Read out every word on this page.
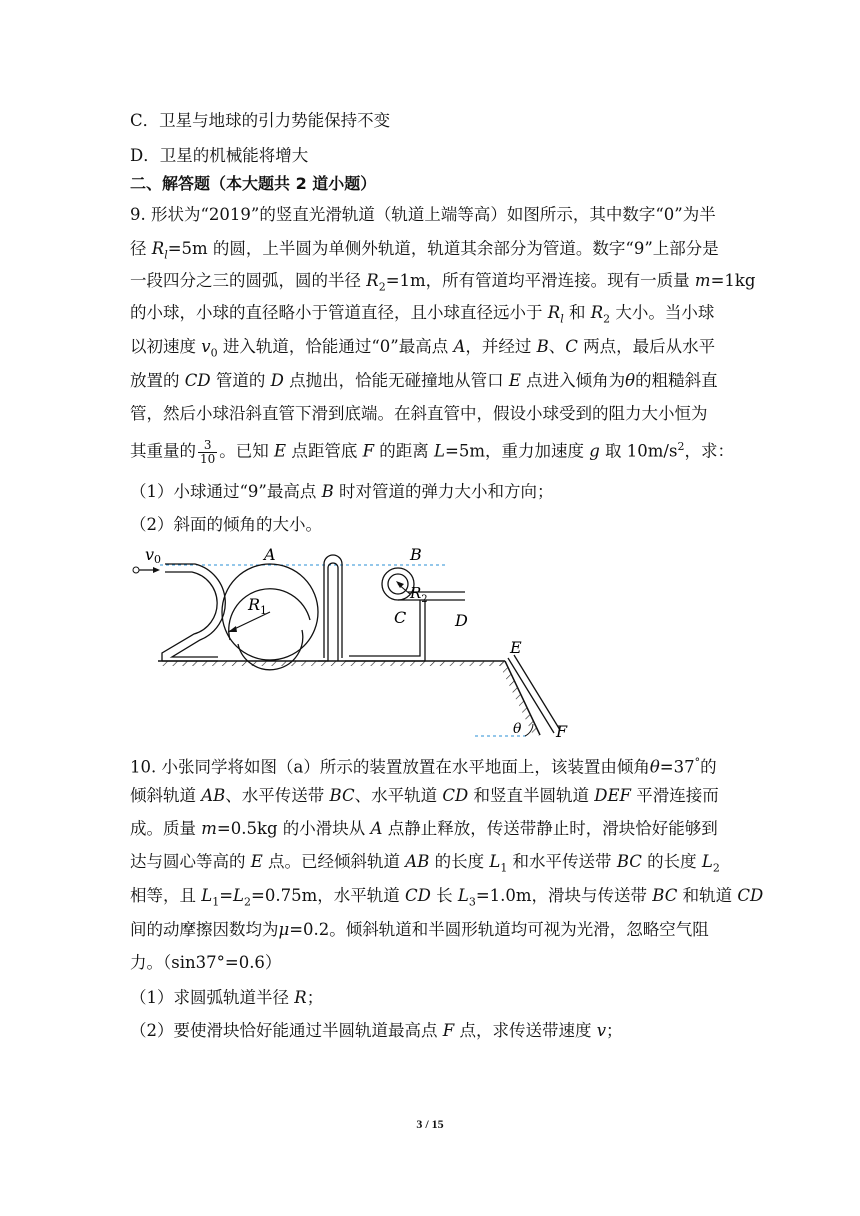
C．卫星与地球的引力势能保持不变
D．卫星的机械能将增大
二、解答题（本大题共 2 道小题）
9. 形状为“2019”的竖直光滑轨道（轨道上端等高）如图所示，其中数字“0”为半
径 $R_l=5m$ 的圆，上半圆为单侧外轨道，轨道其余部分为管道。数字“9”上部分是
一段四分之三的圆弧，圆的半径 $R_2=1m$，所有管道均平滑连接。现有一质量 m=1kg
的小球，小球的直径略小于管道直径，且小球直径远小于 $R_l$ 和 $R_2$ 大小。当小球
以初速度 $v_0$ 进入轨道，恰能通过“0”最高点 A，并经过 B、C 两点，最后从水平
放置的 CD 管道的 D 点抛出，恰能无碰撞地从管口 E 点进入倾角为θ的粗糙斜直
管，然后小球沿斜直管下滑到底端。在斜直管中，假设小球受到的阻力大小恒为
其重量的 $\frac{3}{10}$ 。已知 E 点距管底 F 的距离 L=5m，重力加速度 g 取 $10m/s^2$，求：
（1）小球通过“9”最高点 B 时对管道的弹力大小和方向；
（2）斜面的倾角的大小。
v0	A	B
$R_1$
$R_2$
C	D
E
F
θ
10. 小张同学将如图（a）所示的装置放置在水平地面上，该装置由倾角θ=37°的
倾斜轨道 AB、水平传送带 BC、水平轨道 CD 和竖直半圆轨道 DEF 平滑连接而
成。质量 m=0.5kg 的小滑块从 A 点静止释放，传送带静止时，滑块恰好能够到
达与圆心等高的 E 点。已经倾斜轨道 AB 的长度 $L_1$ 和水平传送带 BC 的长度 $L_2$
相等，且 $L_1=L_2=0.75m$，水平轨道 CD 长 $L_3=1.0m$，滑块与传送带 BC 和轨道 CD
间的动摩擦因数均为μ=0.2。倾斜轨道和半圆形轨道均可视为光滑，忽略空气阻
力。（sin37°=0.6）
（1）求圆弧轨道半径 R；
（2）要使滑块恰好能通过半圆轨道最高点 F 点，求传送带速度 v；
3 / 15
